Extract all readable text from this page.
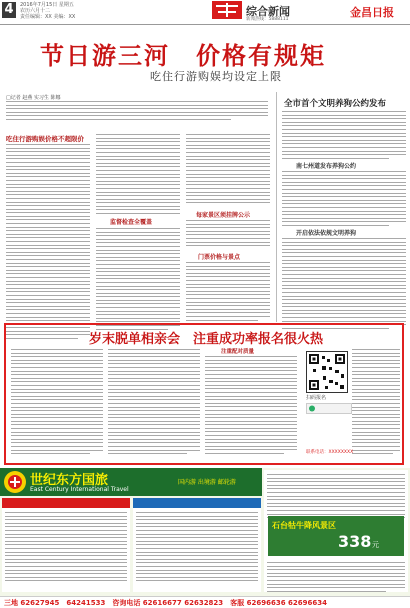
4	2016年7月15日 星期五
农历六月十二
责任编辑：XX 美编：XX	综合新闻
新闻热线：5888111
金昌日报
节日游三河　价格有规矩
吃住行游购娱均设定上限
□记者 赵燕 实习生 陈娜
吃住行游购娱价格不超限价
监督检查全覆盖
每家景区须挂牌公示
门票价格与景点
全市首个文明养狗公约发布
南七州道发布养狗公约
开启依法依规文明养狗
岁末脱单相亲会　注重成功率报名很火热
注重配对质量
扫码报名
联系电话：XXXXXXXX
世纪东方国旅
East Century International Travel
国内游 出境游 邮轮游
石台牯牛降风景区
338 元
三地 62627945　64241533　咨询电话 62616677 62632823　客服 62696636 62696634
